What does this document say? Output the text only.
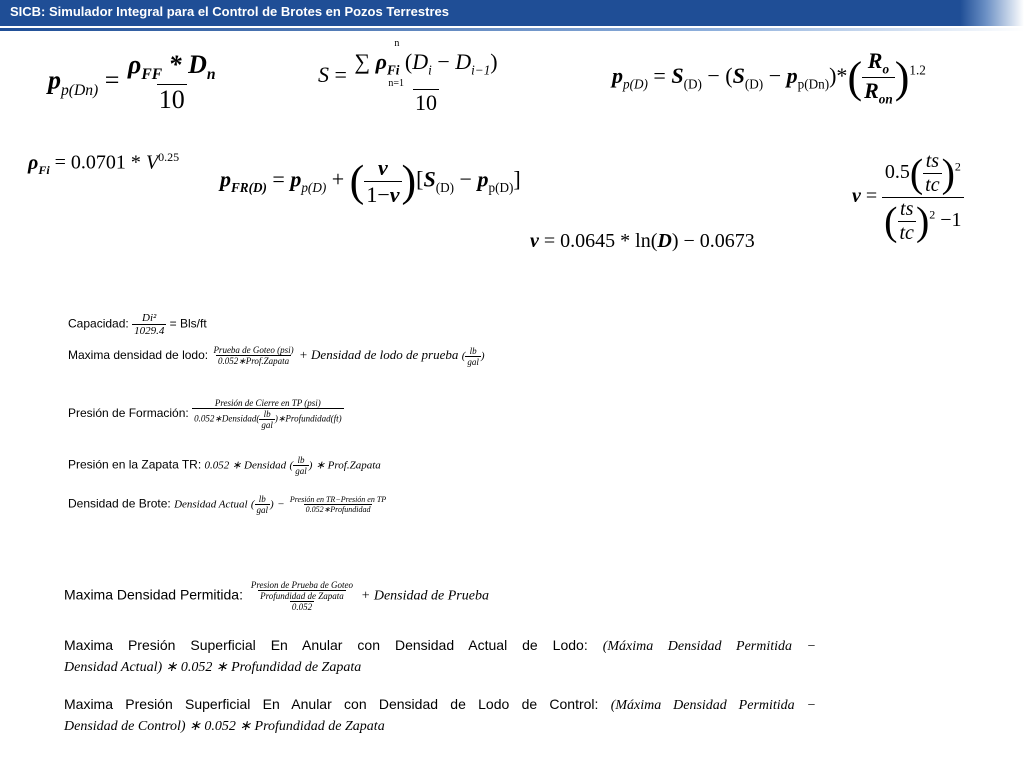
SICB: Simulador Integral para el Control de Brotes en Pozos Terrestres
$p_{p(Dn)} = \frac{\rho_{FF} * D_n}{10}$	S = n
∑ $\rho_{Fi}$ $(D_i - D_{i-1})$
n=1
10	$p_{p(D)} = S_{(D)} - (S_{(D)} - p_{p(Dn)})*( \frac{R_o}{R_{on}} )^{1.2}$
$\rho_{Fi} = 0.0701 * V^{0.25}$
$p_{FR(D)} = p_{p(D)}$ + ( $\frac{\nu}{1-\nu} )[S_{(D)} - p_{p(D)}]$
ν = 0.0645 * ln(D) − 0.0673
$\nu = \frac{0.5( \frac{ts}{tc} )^2}{( \frac{ts}{tc} )^2 -1}$
Capacidad: $\frac{\text{Di²}}{1029.4} = Bls/ft$
Maxima densidad de lodo: $\frac{\text{Prueba de Goteo (psi)}}{\text{0.052∗Prof.Zapata}}$ + Densidad de lodo de prueba ( $\frac{lb}{\text{gal}}$ )
Presión de Formación: $\frac{\text{Presión de Cierre en TP (psi)}}{0.052∗Densidad( \frac{lb}{\text{gal}} )∗Profundidad(ft)}$
Presión en la Zapata TR: 0.052 ∗ Densidad ( $\frac{lb}{\text{gal}}$ ) ∗ Prof.Zapata
Densidad de Brote: Densidad Actual ( $\frac{lb}{\text{gal}}$ ) − $\frac{\text{Presión en TR−Presión en TP}}{\text{0.052∗Profundidad}}$
Maxima Densidad Permitida: $\frac{\frac{\text{Presion de Prueba de Goteo}}{\text{Profundidad de Zapata}}}{0.052}$ + Densidad de Prueba
Maxima Presión Superficial En Anular con Densidad Actual de Lodo: (Máxima Densidad Permitida −
Densidad Actual) ∗ 0.052 ∗ Profundidad de Zapata
Maxima Presión Superficial En Anular con Densidad de Lodo de Control: (Máxima Densidad Permitida −
Densidad de Control) ∗ 0.052 ∗ Profundidad de Zapata
